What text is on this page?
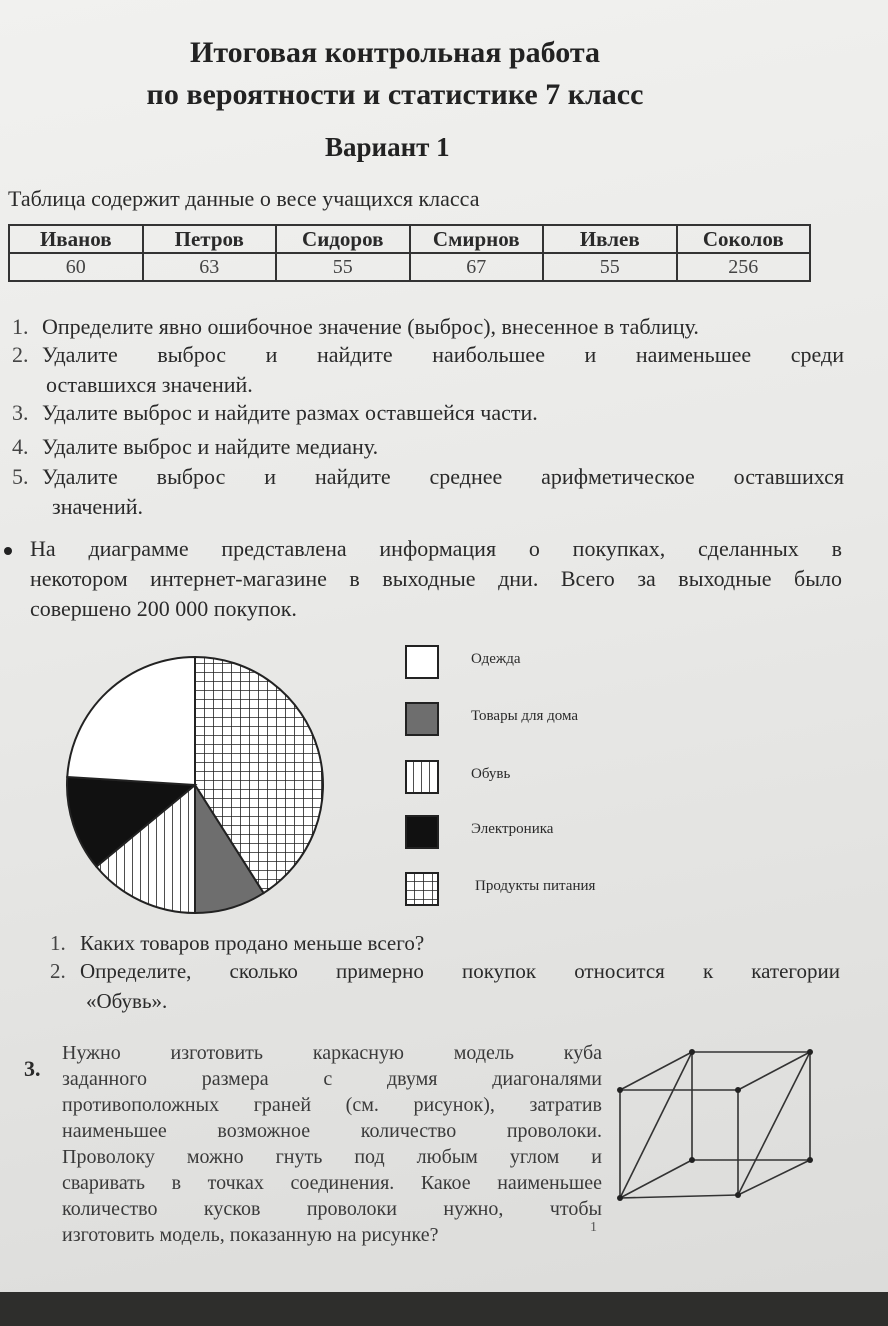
Итоговая контрольная работа
по вероятности и статистике 7 класс
Вариант 1
Таблица содержит данные о весе учащихся класса
Иванов	Петров	Сидоров	Смирнов	Ивлев	Соколов
60	63	55	67	55	256
1. Определите явно ошибочное значение (выброс), внесенное в таблицу.
2. Удалите выброс и найдите наибольшее и наименьшее среди
оставшихся значений.
3. Удалите выброс и найдите размах оставшейся части.
4. Удалите выброс и найдите медиану.
5. Удалите выброс и найдите среднее арифметическое оставшихся
значений.
На диаграмме представлена информация о покупках, сделанных в
некотором интернет-магазине в выходные дни. Всего за выходные было
совершено 200 000 покупок.
Одежда
Товары для дома
Обувь
Электроника
Продукты питания
1. Каких товаров продано меньше всего?
2. Определите, сколько примерно покупок относится к категории
«Обувь».
3.
Нужно изготовить каркасную модель куба
заданного размера с двумя диагоналями
противоположных граней (см. рисунок), затратив
наименьшее возможное количество проволоки.
Проволоку можно гнуть под любым углом и
сваривать в точках соединения. Какое наименьшее
количество кусков проволоки нужно, чтобы
изготовить модель, показанную на рисунке?	1
